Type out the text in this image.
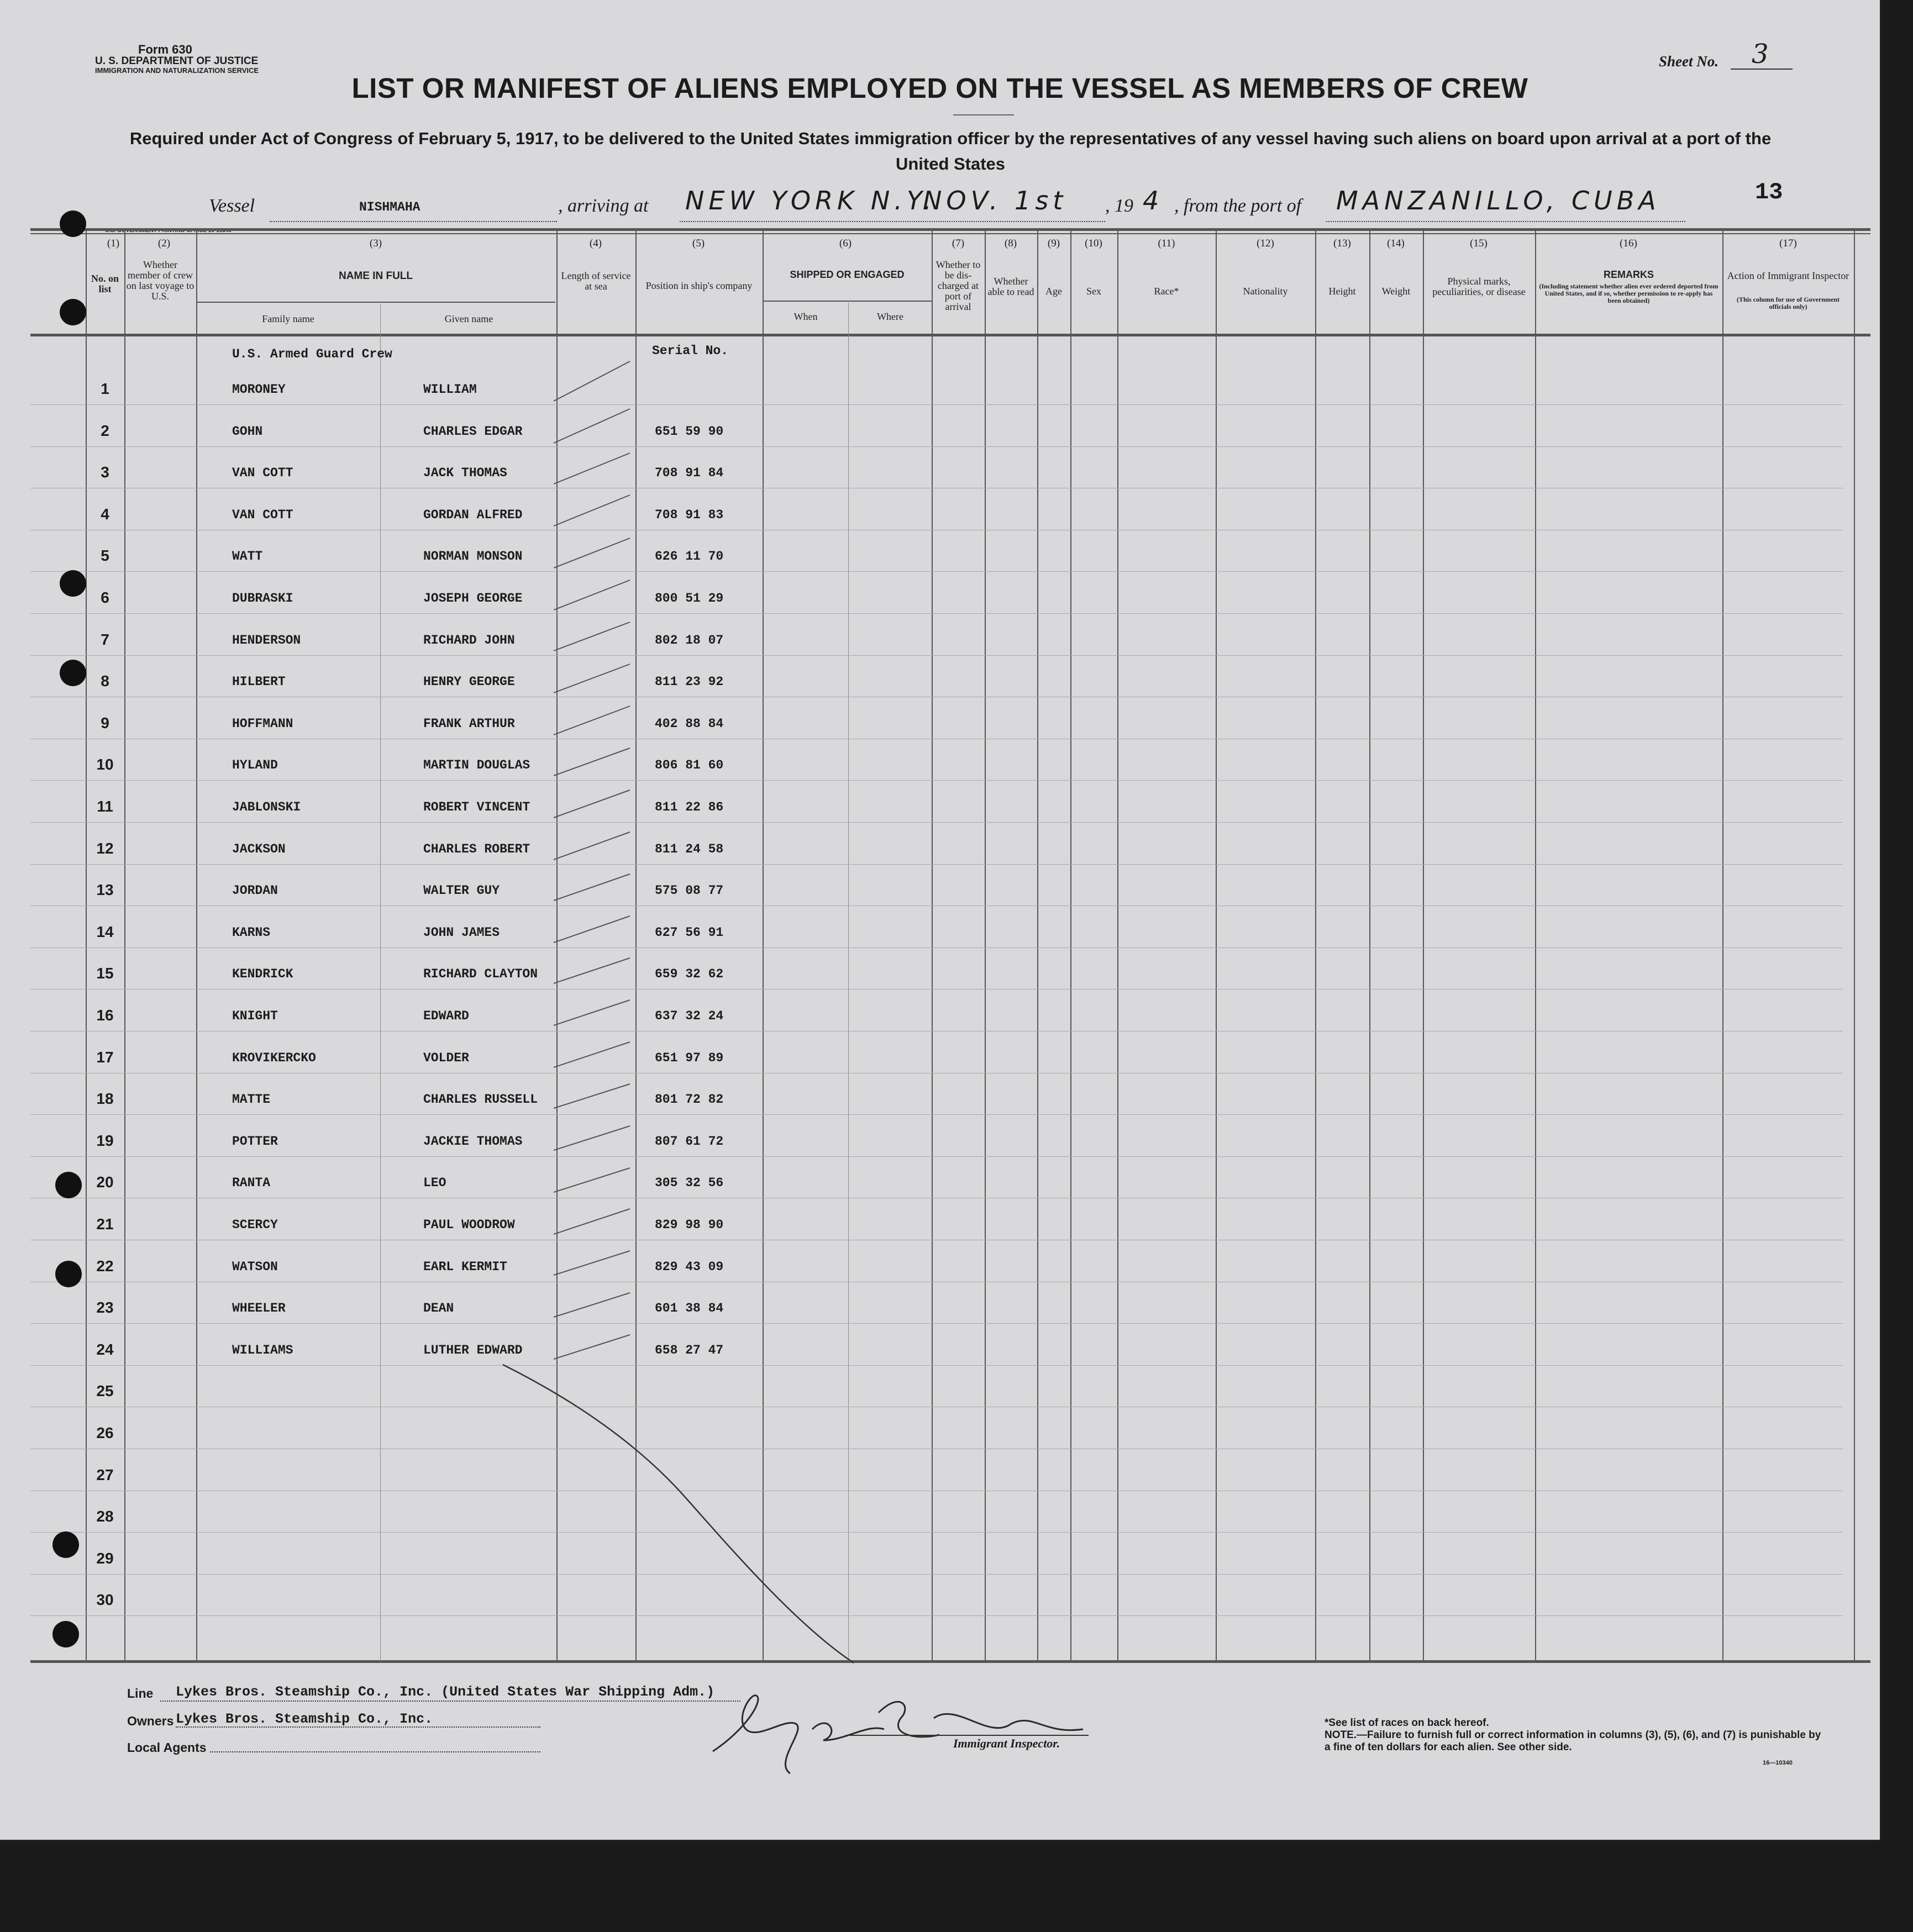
Form 630
U. S. DEPARTMENT OF JUSTICE
IMMIGRATION AND NATURALIZATION SERVICE
Sheet No. 3
LIST OR MANIFEST OF ALIENS EMPLOYED ON THE VESSEL AS MEMBERS OF CREW
Required under Act of Congress of February 5, 1917, to be delivered to the United States immigration officer by the representatives of any vessel having such aliens on board upon arrival at a port of the United States
Vessel	NISHMAHA	, arriving at NEW YORK N.Y.
NOV. 1st , 19 4 , from the port of MANZANILLO, CUBA	13
U.S. GOVERNMENT PRINTING OFFICE 16-10340
(1)	(2)	(3)	(4)	(5)	(6)	(7)	(8)	(9)	(10)	(11)	(12)	(13)	(14)	(15)	(16)	(17)
No. on list
Whether member of crew on last voyage to U.S.
NAME IN FULL
Family name	Given name
Length of service at sea	Position in ship's company
SHIPPED OR ENGAGED
When	Where
Whether to be dis-charged at port of arrival
Whether able to read	Age	Sex	Race*	Nationality	Height	Weight
Physical marks, peculiarities, or disease
REMARKS
(Including statement whether alien ever ordered deported from United States, and if so, whether permission to re-apply has been obtained)
Action of Immigrant Inspector
(This column for use of Government officials only)
U.S. Armed Guard Crew	Serial No.
1	MORONEY	WILLIAM
2	GOHN	CHARLES EDGAR	651 59 90
3	VAN COTT	JACK THOMAS	708 91 84
4	VAN COTT	GORDAN ALFRED	708 91 83
5	WATT	NORMAN MONSON	626 11 70
6	DUBRASKI	JOSEPH GEORGE	800 51 29
7	HENDERSON	RICHARD JOHN	802 18 07
8	HILBERT	HENRY GEORGE	811 23 92
9	HOFFMANN	FRANK ARTHUR	402 88 84
10	HYLAND	MARTIN DOUGLAS	806 81 60
11	JABLONSKI	ROBERT VINCENT	811 22 86
12	JACKSON	CHARLES ROBERT	811 24 58
13	JORDAN	WALTER GUY	575 08 77
14	KARNS	JOHN JAMES	627 56 91
15	KENDRICK	RICHARD CLAYTON	659 32 62
16	KNIGHT	EDWARD	637 32 24
17	KROVIKERCKO	VOLDER	651 97 89
18	MATTE	CHARLES RUSSELL	801 72 82
19	POTTER	JACKIE THOMAS	807 61 72
20	RANTA	LEO	305 32 56
21	SCERCY	PAUL WOODROW	829 98 90
22	WATSON	EARL KERMIT	829 43 09
23	WHEELER	DEAN	601 38 84
24	WILLIAMS	LUTHER EDWARD	658 27 47
25
26
27
28
29
30
Line Lykes Bros. Steamship Co., Inc. (United States War Shipping Adm.)
Owners Lykes Bros. Steamship Co., Inc.
Local Agents	Immigrant Inspector.
*See list of races on back hereof.
NOTE.—Failure to furnish full or correct information in columns (3), (5), (6), and (7) is punishable by a fine of ten dollars for each alien. See other side.
16—10340
